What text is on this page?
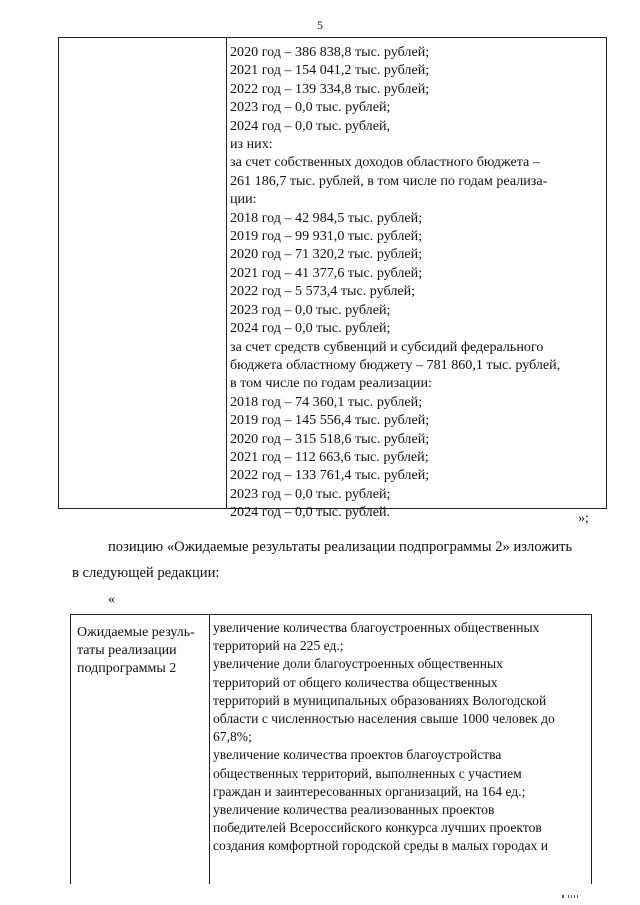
5
2020 год – 386 838,8 тыс. рублей;
2021 год – 154 041,2 тыс. рублей;
2022 год – 139 334,8 тыс. рублей;
2023 год – 0,0 тыс. рублей;
2024 год – 0,0 тыс. рублей,
из них:
за счет собственных доходов областного бюджета –
261 186,7 тыс. рублей, в том числе по годам реализа-
ции:
2018 год – 42 984,5 тыс. рублей;
2019 год – 99 931,0 тыс. рублей;
2020 год – 71 320,2 тыс. рублей;
2021 год – 41 377,6 тыс. рублей;
2022 год – 5 573,4 тыс. рублей;
2023 год – 0,0 тыс. рублей;
2024 год – 0,0 тыс. рублей;
за счет средств субвенций и субсидий федерального
бюджета областному бюджету – 781 860,1 тыс. рублей,
в том числе по годам реализации:
2018 год – 74 360,1 тыс. рублей;
2019 год – 145 556,4 тыс. рублей;
2020 год – 315 518,6 тыс. рублей;
2021 год – 112 663,6 тыс. рублей;
2022 год – 133 761,4 тыс. рублей;
2023 год – 0,0 тыс. рублей;
2024 год – 0,0 тыс. рублей.	»;
позицию «Ожидаемые результаты реализации подпрограммы 2» изложить
в следующей редакции:
«
Ожидаемые резуль-
таты реализации
подпрограммы 2
увеличение количества благоустроенных общественных
территорий на 225 ед.;
увеличение доли благоустроенных общественных
территорий от общего количества общественных
территорий в муниципальных образованиях Вологодской
области с численностью населения свыше 1000 человек до
67,8%;
увеличение количества проектов благоустройства
общественных территорий, выполненных с участием
граждан и заинтересованных организаций, на 164 ед.;
увеличение количества реализованных проектов
победителей Всероссийского конкурса лучших проектов
создания комфортной городской среды в малых городах и
